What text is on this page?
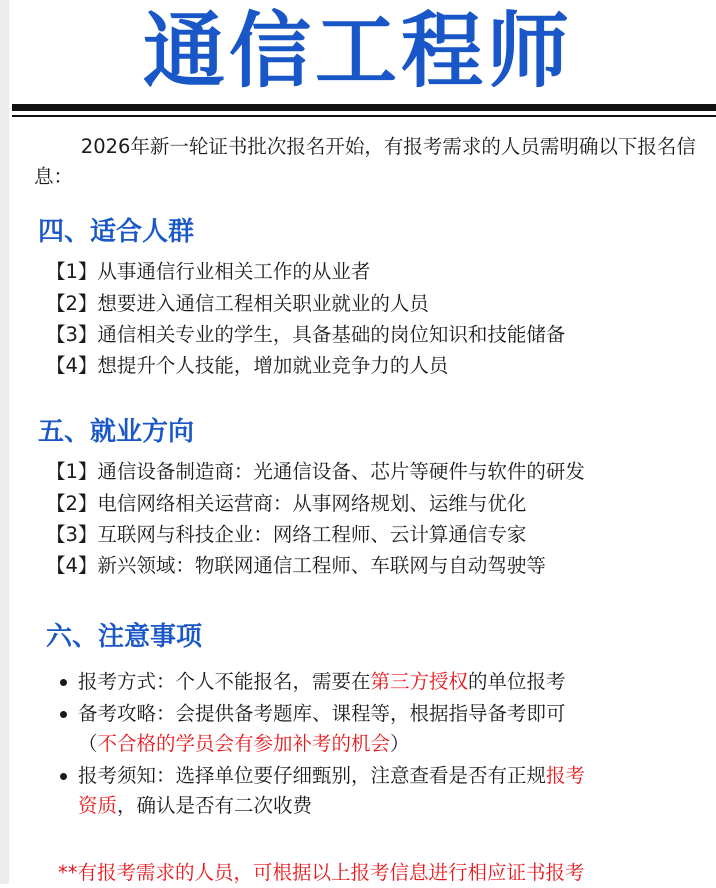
通信工程师

2026年新一轮证书批次报名开始，有报考需求的人员需明确以下报名信息：

四、适合人群

【1】从事通信行业相关工作的从业者

【2】想要进入通信工程相关职业就业的人员

【3】通信相关专业的学生，具备基础的岗位知识和技能储备

【4】想提升个人技能，增加就业竞争力的人员

五、就业方向

【1】通信设备制造商：光通信设备、芯片等硬件与软件的研发

【2】电信网络相关运营商：从事网络规划、运维与优化

【3】互联网与科技企业：网络工程师、云计算通信专家

【4】新兴领域：物联网通信工程师、车联网与自动驾驶等

六、注意事项
报考方式：个人不能报名，需要在第三方授权的单位报考
备考攻略：会提供备考题库、课程等，根据指导备考即可
（不合格的学员会有参加补考的机会）
报考须知：选择单位要仔细甄别，注意查看是否有正规报考
资质，确认是否有二次收费
**有报考需求的人员，可根据以上报考信息进行相应证书报考
